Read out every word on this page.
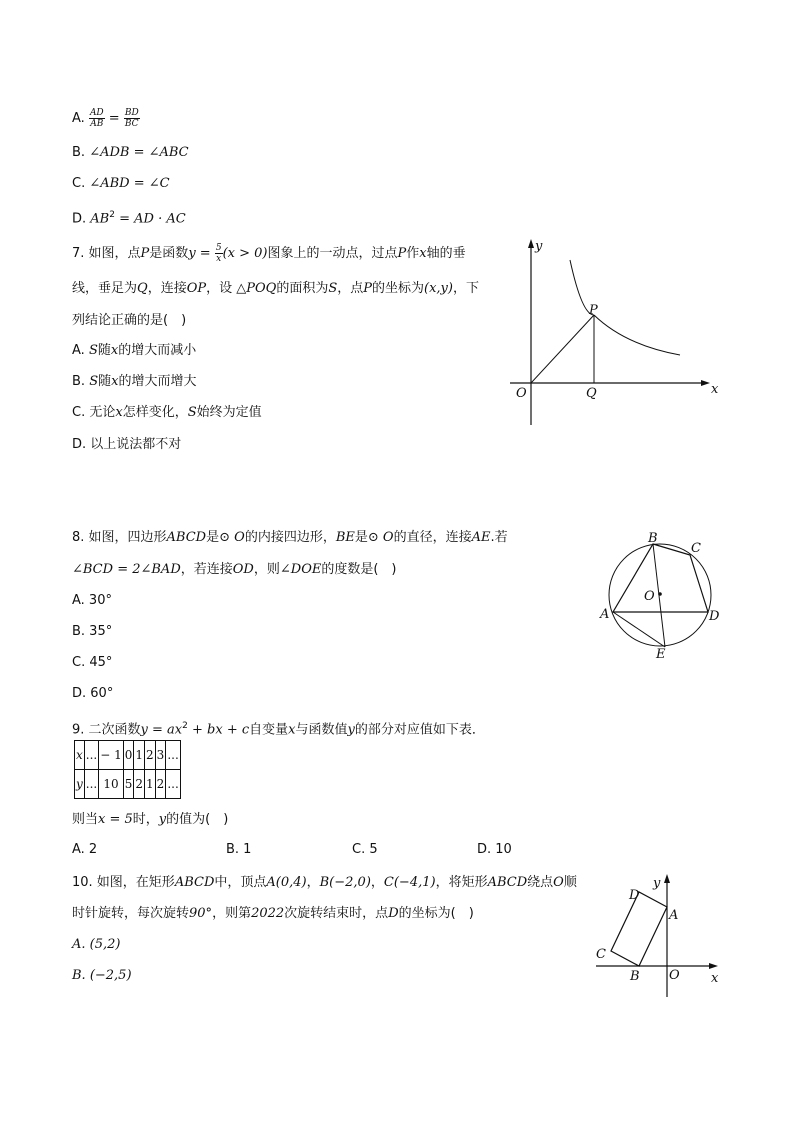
A. $\frac{AD}{AB} = \frac{BD}{BC}$
B. ∠ADB = ∠ABC
C. ∠ABD = ∠C
D. $AB^2$ = AD · AC
7. 如图，点P是函数$y = \frac{5}{x} (x > 0)$图象上的一动点，过点P作x轴的垂
线，垂足为Q，连接OP，设 △POQ的面积为S，点P的坐标为(x,y)，下
列结论正确的是(　)
A. S随x的增大而减小
B. S随x的增大而增大
C. 无论x怎样变化，S始终为定值
D. 以上说法都不对
y
x
O
P
Q
8. 如图，四边形ABCD是⊙ O的内接四边形，BE是⊙ O的直径，连接AE.若
∠BCD = 2∠BAD，若连接OD，则∠DOE的度数是(　)
A. 30°
B. 35°
C. 45°
D. 60°
B
C
O
A	D
E
9. 二次函数$y = ax^2$ + bx + c自变量x与函数值y的部分对应值如下表．
x	...	− 1	0	1	2	3	...
y	...	10	5	2	1	2	...
则当x = 5时，y的值为(　)
A. 2	B. 1	C. 5	D. 10
10. 如图，在矩形ABCD中，顶点A(0,4)，B(−2,0)，C(−4,1)，将矩形ABCD绕点O顺
时针旋转，每次旋转90°，则第2022次旋转结束时，点D的坐标为(　)
A. (5,2)
B. (−2,5)
D
y
A
C
B O x
